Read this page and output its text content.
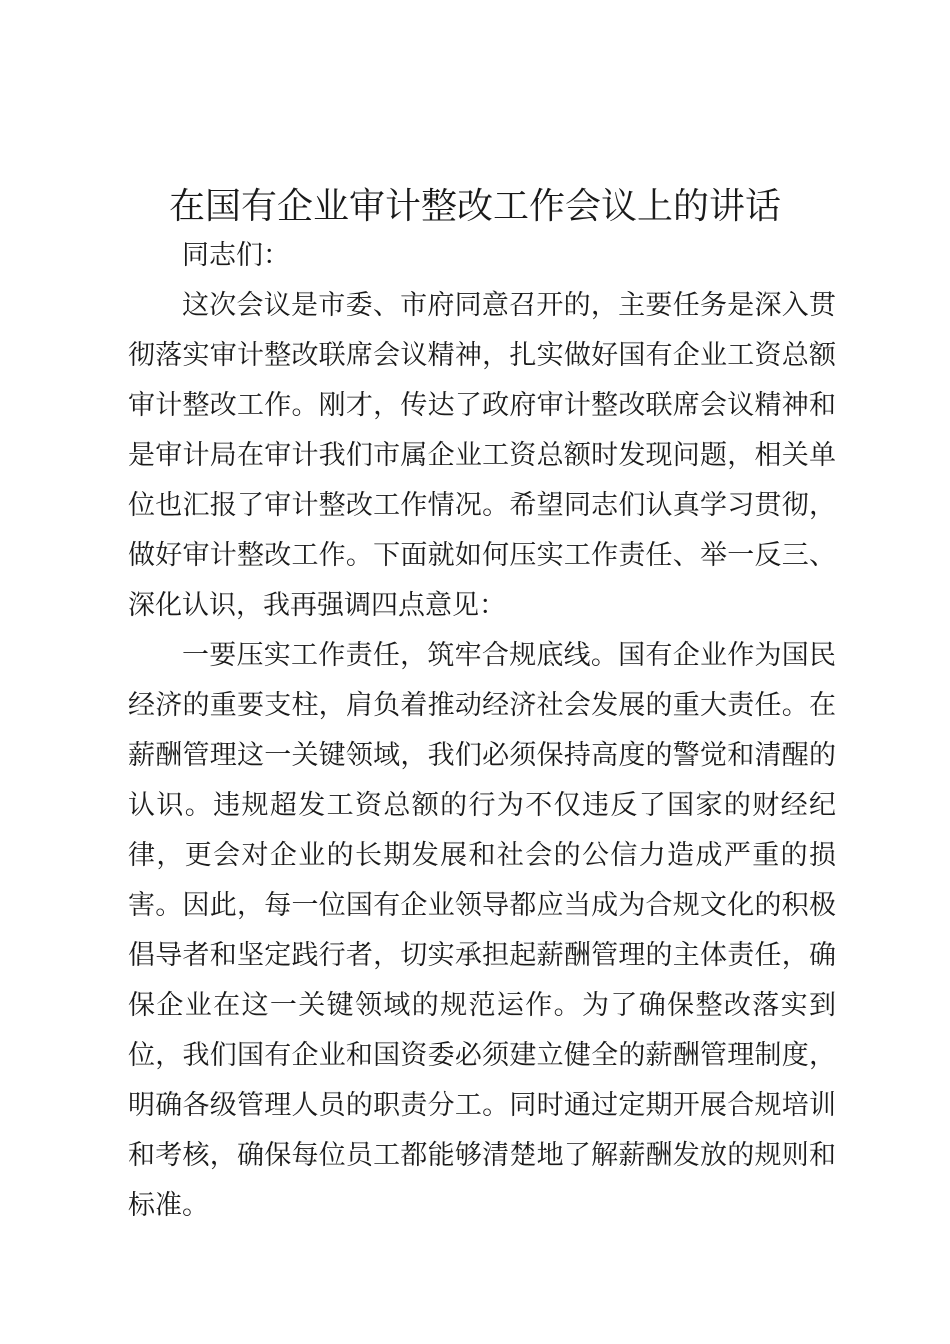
在国有企业审计整改工作会议上的讲话

同志们：

这次会议是市委、市府同意召开的，主要任务是深入贯彻落实审计整改联席会议精神，扎实做好国有企业工资总额审计整改工作。刚才，传达了政府审计整改联席会议精神和是审计局在审计我们市属企业工资总额时发现问题，相关单位也汇报了审计整改工作情况。希望同志们认真学习贯彻，做好审计整改工作。下面就如何压实工作责任、举一反三、深化认识，我再强调四点意见：

一要压实工作责任，筑牢合规底线。国有企业作为国民经济的重要支柱，肩负着推动经济社会发展的重大责任。在薪酬管理这一关键领域，我们必须保持高度的警觉和清醒的认识。违规超发工资总额的行为不仅违反了国家的财经纪律，更会对企业的长期发展和社会的公信力造成严重的损害。因此，每一位国有企业领导都应当成为合规文化的积极倡导者和坚定践行者，切实承担起薪酬管理的主体责任，确保企业在这一关键领域的规范运作。为了确保整改落实到位，我们国有企业和国资委必须建立健全的薪酬管理制度，明确各级管理人员的职责分工。同时通过定期开展合规培训和考核，确保每位员工都能够清楚地了解薪酬发放的规则和标准。
